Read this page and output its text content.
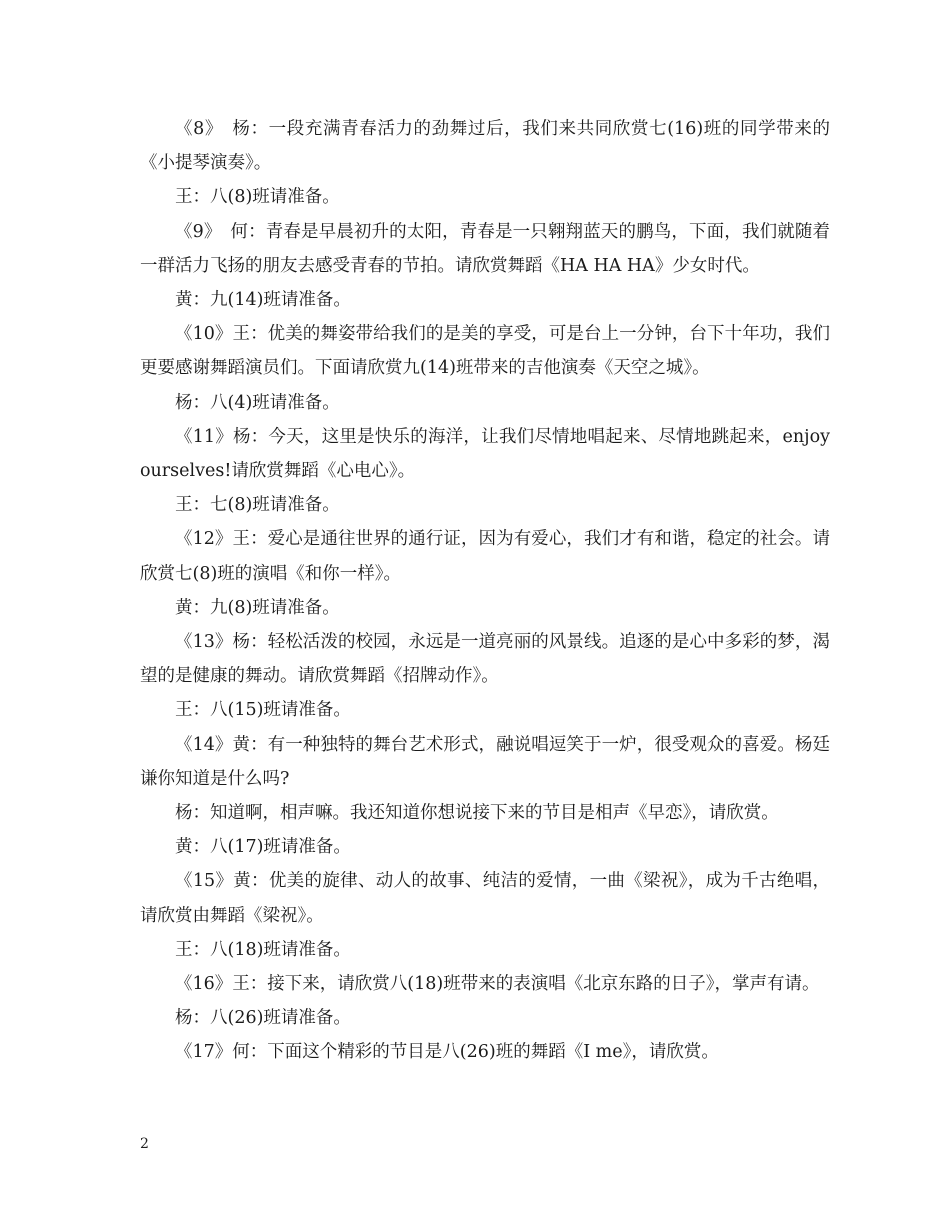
《8》　杨：一段充满青春活力的劲舞过后，我们来共同欣赏七(16)班的同学带来的《小提琴演奏》。

王：八(8)班请准备。

《9》　何：青春是早晨初升的太阳，青春是一只翱翔蓝天的鹏鸟，下面，我们就随着一群活力飞扬的朋友去感受青春的节拍。请欣赏舞蹈《HA HA HA》少女时代。

黄：九(14)班请准备。

《10》王：优美的舞姿带给我们的是美的享受，可是台上一分钟，台下十年功，我们更要感谢舞蹈演员们。下面请欣赏九(14)班带来的吉他演奏《天空之城》。

杨：八(4)班请准备。

《11》杨：今天，这里是快乐的海洋，让我们尽情地唱起来、尽情地跳起来，enjoy ourselves!请欣赏舞蹈《心电心》。

王：七(8)班请准备。

《12》王：爱心是通往世界的通行证，因为有爱心，我们才有和谐，稳定的社会。请欣赏七(8)班的演唱《和你一样》。

黄：九(8)班请准备。

《13》杨：轻松活泼的校园，永远是一道亮丽的风景线。追逐的是心中多彩的梦，渴望的是健康的舞动。请欣赏舞蹈《招牌动作》。

王：八(15)班请准备。

《14》黄：有一种独特的舞台艺术形式，融说唱逗笑于一炉，很受观众的喜爱。杨廷谦你知道是什么吗?

杨：知道啊，相声嘛。我还知道你想说接下来的节目是相声《早恋》，请欣赏。

黄：八(17)班请准备。

《15》黄：优美的旋律、动人的故事、纯洁的爱情，一曲《梁祝》，成为千古绝唱，请欣赏由舞蹈《梁祝》。

王：八(18)班请准备。

《16》王：接下来，请欣赏八(18)班带来的表演唱《北京东路的日子》，掌声有请。

杨：八(26)班请准备。

《17》何：下面这个精彩的节目是八(26)班的舞蹈《I me》，请欣赏。

2
